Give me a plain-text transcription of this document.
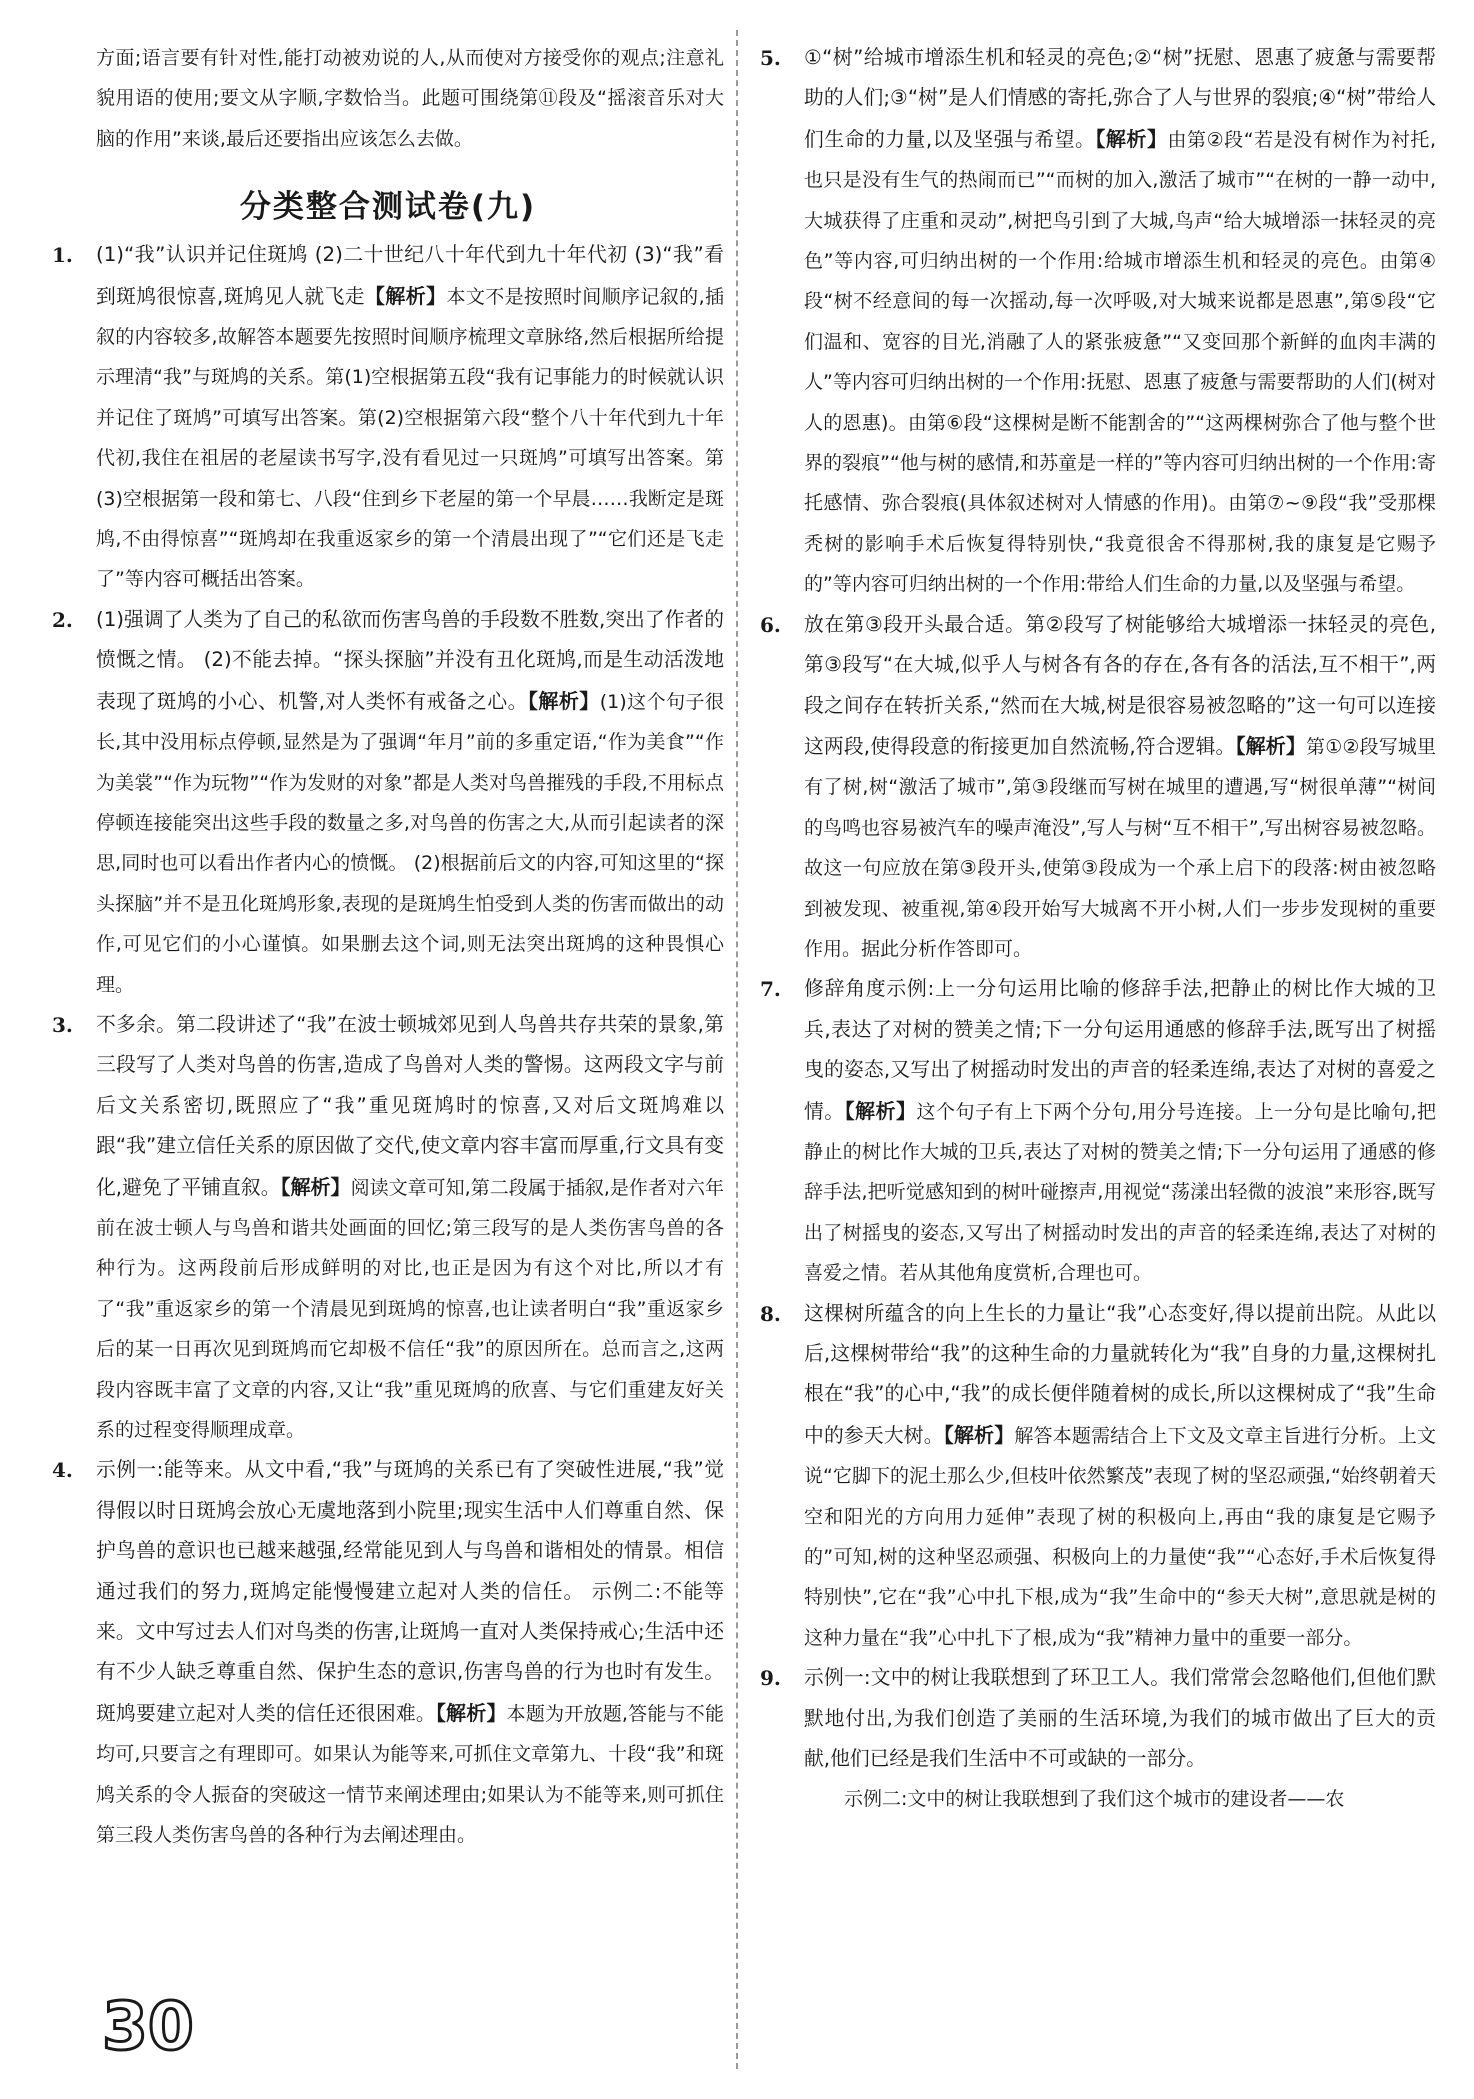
方面;语言要有针对性,能打动被劝说的人,从而使对方接受你的观点;注意礼貌用语的使用;要文从字顺,字数恰当。此题可围绕第⑪段及“摇滚音乐对大脑的作用”来谈,最后还要指出应该怎么去做。

分类整合测试卷(九)
1. (1)“我”认识并记住斑鸠 (2)二十世纪八十年代到九十年代初 (3)“我”看到斑鸠很惊喜,斑鸠见人就飞走【解析】本文不是按照时间顺序记叙的,插叙的内容较多,故解答本题要先按照时间顺序梳理文章脉络,然后根据所给提示理清“我”与斑鸠的关系。第(1)空根据第五段“我有记事能力的时候就认识并记住了斑鸠”可填写出答案。第(2)空根据第六段“整个八十年代到九十年代初,我住在祖居的老屋读书写字,没有看见过一只斑鸠”可填写出答案。第(3)空根据第一段和第七、八段“住到乡下老屋的第一个早晨……我断定是斑鸠,不由得惊喜”“斑鸠却在我重返家乡的第一个清晨出现了”“它们还是飞走了”等内容可概括出答案。

2. (1)强调了人类为了自己的私欲而伤害鸟兽的手段数不胜数,突出了作者的愤慨之情。 (2)不能去掉。“探头探脑”并没有丑化斑鸠,而是生动活泼地表现了斑鸠的小心、机警,对人类怀有戒备之心。【解析】(1)这个句子很长,其中没用标点停顿,显然是为了强调“年月”前的多重定语,“作为美食”“作为美裳”“作为玩物”“作为发财的对象”都是人类对鸟兽摧残的手段,不用标点停顿连接能突出这些手段的数量之多,对鸟兽的伤害之大,从而引起读者的深思,同时也可以看出作者内心的愤慨。 (2)根据前后文的内容,可知这里的“探头探脑”并不是丑化斑鸠形象,表现的是斑鸠生怕受到人类的伤害而做出的动作,可见它们的小心谨慎。如果删去这个词,则无法突出斑鸠的这种畏惧心理。

3. 不多余。第二段讲述了“我”在波士顿城郊见到人鸟兽共存共荣的景象,第三段写了人类对鸟兽的伤害,造成了鸟兽对人类的警惕。这两段文字与前后文关系密切,既照应了“我”重见斑鸠时的惊喜,又对后文斑鸠难以跟“我”建立信任关系的原因做了交代,使文章内容丰富而厚重,行文具有变化,避免了平铺直叙。【解析】阅读文章可知,第二段属于插叙,是作者对六年前在波士顿人与鸟兽和谐共处画面的回忆;第三段写的是人类伤害鸟兽的各种行为。这两段前后形成鲜明的对比,也正是因为有这个对比,所以才有了“我”重返家乡的第一个清晨见到斑鸠的惊喜,也让读者明白“我”重返家乡后的某一日再次见到斑鸠而它却极不信任“我”的原因所在。总而言之,这两段内容既丰富了文章的内容,又让“我”重见斑鸠的欣喜、与它们重建友好关系的过程变得顺理成章。

4. 示例一:能等来。从文中看,“我”与斑鸠的关系已有了突破性进展,“我”觉得假以时日斑鸠会放心无虞地落到小院里;现实生活中人们尊重自然、保护鸟兽的意识也已越来越强,经常能见到人与鸟兽和谐相处的情景。相信通过我们的努力,斑鸠定能慢慢建立起对人类的信任。 示例二:不能等来。文中写过去人们对鸟类的伤害,让斑鸠一直对人类保持戒心;生活中还有不少人缺乏尊重自然、保护生态的意识,伤害鸟兽的行为也时有发生。斑鸠要建立起对人类的信任还很困难。【解析】本题为开放题,答能与不能均可,只要言之有理即可。如果认为能等来,可抓住文章第九、十段“我”和斑鸠关系的令人振奋的突破这一情节来阐述理由;如果认为不能等来,则可抓住第三段人类伤害鸟兽的各种行为去阐述理由。

5. ①“树”给城市增添生机和轻灵的亮色;②“树”抚慰、恩惠了疲惫与需要帮助的人们;③“树”是人们情感的寄托,弥合了人与世界的裂痕;④“树”带给人们生命的力量,以及坚强与希望。【解析】由第②段“若是没有树作为衬托,也只是没有生气的热闹而已”“而树的加入,激活了城市”“在树的一静一动中,大城获得了庄重和灵动”,树把鸟引到了大城,鸟声“给大城增添一抹轻灵的亮色”等内容,可归纳出树的一个作用:给城市增添生机和轻灵的亮色。由第④段“树不经意间的每一次摇动,每一次呼吸,对大城来说都是恩惠”,第⑤段“它们温和、宽容的目光,消融了人的紧张疲惫”“又变回那个新鲜的血肉丰满的人”等内容可归纳出树的一个作用:抚慰、恩惠了疲惫与需要帮助的人们(树对人的恩惠)。由第⑥段“这棵树是断不能割舍的”“这两棵树弥合了他与整个世界的裂痕”“他与树的感情,和苏童是一样的”等内容可归纳出树的一个作用:寄托感情、弥合裂痕(具体叙述树对人情感的作用)。由第⑦~⑨段“我”受那棵秃树的影响手术后恢复得特别快,“我竟很舍不得那树,我的康复是它赐予的”等内容可归纳出树的一个作用:带给人们生命的力量,以及坚强与希望。

6. 放在第③段开头最合适。第②段写了树能够给大城增添一抹轻灵的亮色,第③段写“在大城,似乎人与树各有各的存在,各有各的活法,互不相干”,两段之间存在转折关系,“然而在大城,树是很容易被忽略的”这一句可以连接这两段,使得段意的衔接更加自然流畅,符合逻辑。【解析】第①②段写城里有了树,树“激活了城市”,第③段继而写树在城里的遭遇,写“树很单薄”“树间的鸟鸣也容易被汽车的噪声淹没”,写人与树“互不相干”,写出树容易被忽略。故这一句应放在第③段开头,使第③段成为一个承上启下的段落:树由被忽略到被发现、被重视,第④段开始写大城离不开小树,人们一步步发现树的重要作用。据此分析作答即可。

7. 修辞角度示例:上一分句运用比喻的修辞手法,把静止的树比作大城的卫兵,表达了对树的赞美之情;下一分句运用通感的修辞手法,既写出了树摇曳的姿态,又写出了树摇动时发出的声音的轻柔连绵,表达了对树的喜爱之情。【解析】这个句子有上下两个分句,用分号连接。上一分句是比喻句,把静止的树比作大城的卫兵,表达了对树的赞美之情;下一分句运用了通感的修辞手法,把听觉感知到的树叶碰擦声,用视觉“荡漾出轻微的波浪”来形容,既写出了树摇曳的姿态,又写出了树摇动时发出的声音的轻柔连绵,表达了对树的喜爱之情。若从其他角度赏析,合理也可。

8. 这棵树所蕴含的向上生长的力量让“我”心态变好,得以提前出院。从此以后,这棵树带给“我”的这种生命的力量就转化为“我”自身的力量,这棵树扎根在“我”的心中,“我”的成长便伴随着树的成长,所以这棵树成了“我”生命中的参天大树。【解析】解答本题需结合上下文及文章主旨进行分析。上文说“它脚下的泥土那么少,但枝叶依然繁茂”表现了树的坚忍顽强,“始终朝着天空和阳光的方向用力延伸”表现了树的积极向上,再由“我的康复是它赐予的”可知,树的这种坚忍顽强、积极向上的力量使“我”“心态好,手术后恢复得特别快”,它在“我”心中扎下根,成为“我”生命中的“参天大树”,意思就是树的这种力量在“我”心中扎下了根,成为“我”精神力量中的重要一部分。

9. 示例一:文中的树让我联想到了环卫工人。我们常常会忽略他们,但他们默默地付出,为我们创造了美丽的生活环境,为我们的城市做出了巨大的贡献,他们已经是我们生活中不可或缺的一部分。

示例二:文中的树让我联想到了我们这个城市的建设者——农

30
